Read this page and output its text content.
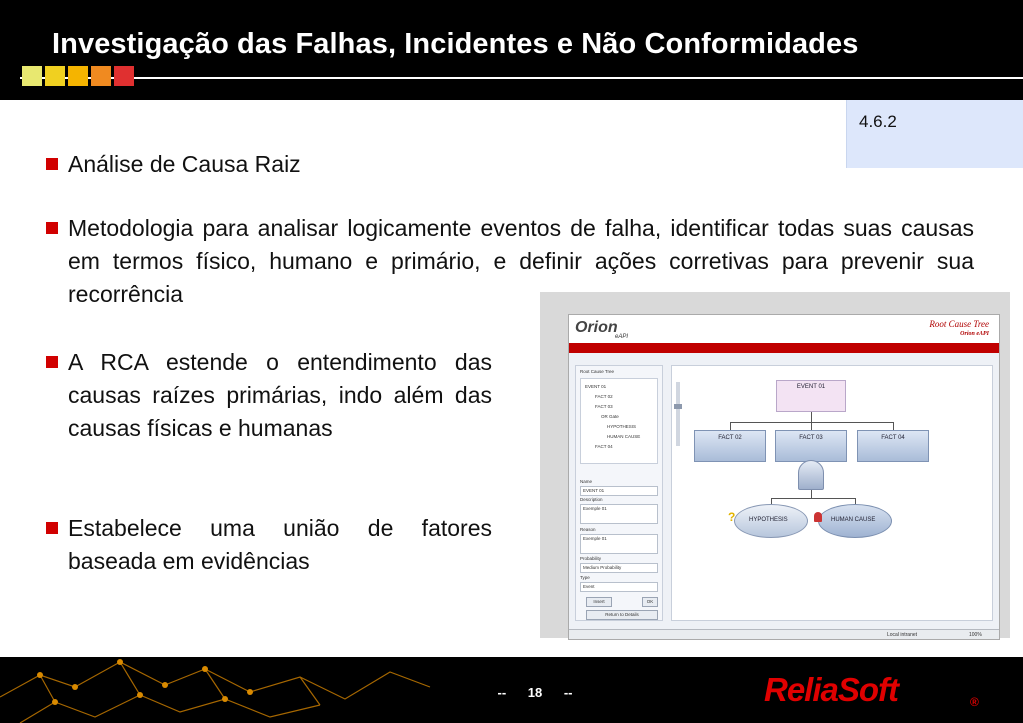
Investigação das Falhas, Incidentes e Não Conformidades
4.6.2
Análise de Causa Raiz
Metodologia para analisar logicamente eventos de falha, identificar todas suas causas em termos físico, humano e primário, e definir ações corretivas para prevenir sua recorrência
A RCA estende o entendimento das causas raízes primárias, indo além das causas físicas e humanas
Estabelece uma união de fatores baseada em evidências
Orion
eAPI
Root Cause Tree
Orion eAPI
Root Cause Tree
EVENT 01
FACT 02
FACT 03
OR Gate
HYPOTHESIS
HUMAN CAUSE
FACT 04
Name
EVENT 01
Description
Exemple 01
Reason
Exemple 01
Probability
Medium Probability
Type
Event
Insert	OK
Return to Details
EVENT 01
FACT 02	FACT 03	FACT 04
HYPOTHESIS
?	HUMAN CAUSE
Local intranet	100%
-- 18 --	ReliaSoft	®
